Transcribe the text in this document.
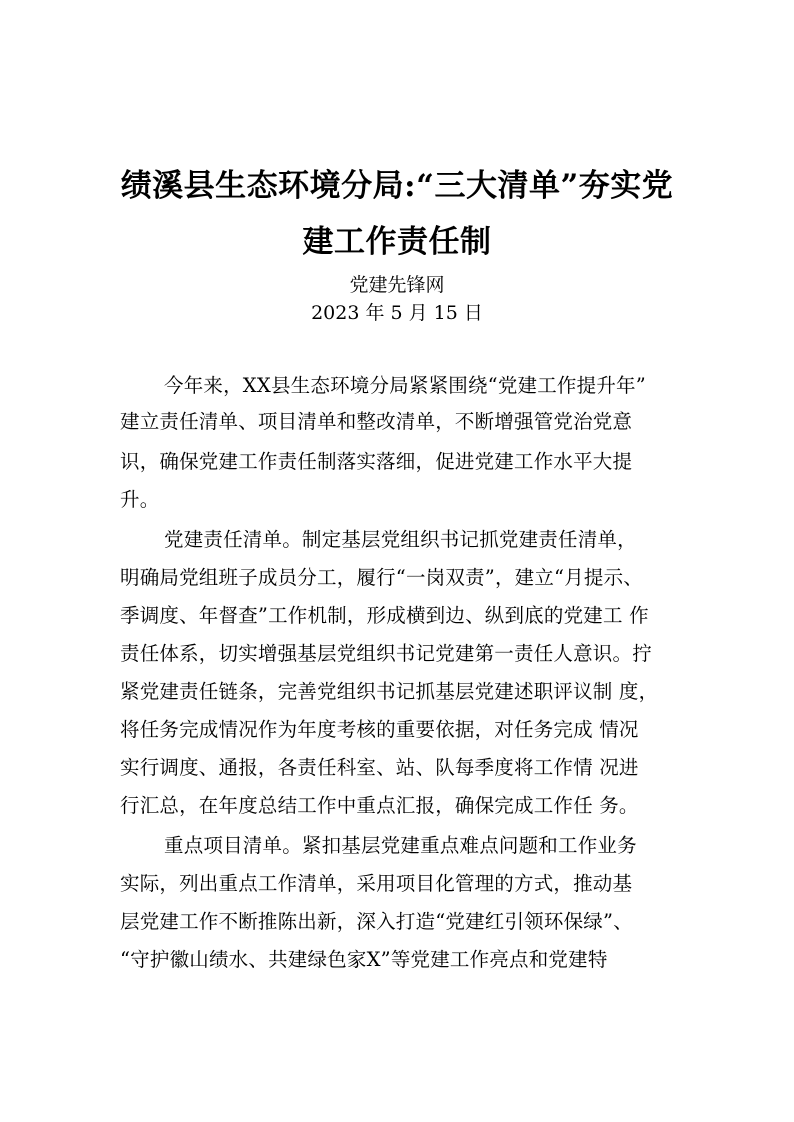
绩溪县生态环境分局:“三大清单”夯实党
建工作责任制
党建先锋网
2023 年 5 月 15 日
今年来，XX县生态环境分局紧紧围绕“党建工作提升年”
建立责任清单、项目清单和整改清单，不断增强管党治党意
识，确保党建工作责任制落实落细，促进党建工作水平大提
升。
党建责任清单。制定基层党组织书记抓党建责任清单，
明确局党组班子成员分工，履行“一岗双责”，建立“月提示、
季调度、年督查”工作机制，形成横到边、纵到底的党建工 作
责任体系，切实增强基层党组织书记党建第一责任人意识。拧
紧党建责任链条，完善党组织书记抓基层党建述职评议制 度，
将任务完成情况作为年度考核的重要依据，对任务完成 情况
实行调度、通报，各责任科室、站、队每季度将工作情 况进
行汇总，在年度总结工作中重点汇报，确保完成工作任 务。
重点项目清单。紧扣基层党建重点难点问题和工作业务
实际，列出重点工作清单，采用项目化管理的方式，推动基
层党建工作不断推陈出新，深入打造“党建红引领环保绿”、
“守护徽山绩水、共建绿色家X”等党建工作亮点和党建特
